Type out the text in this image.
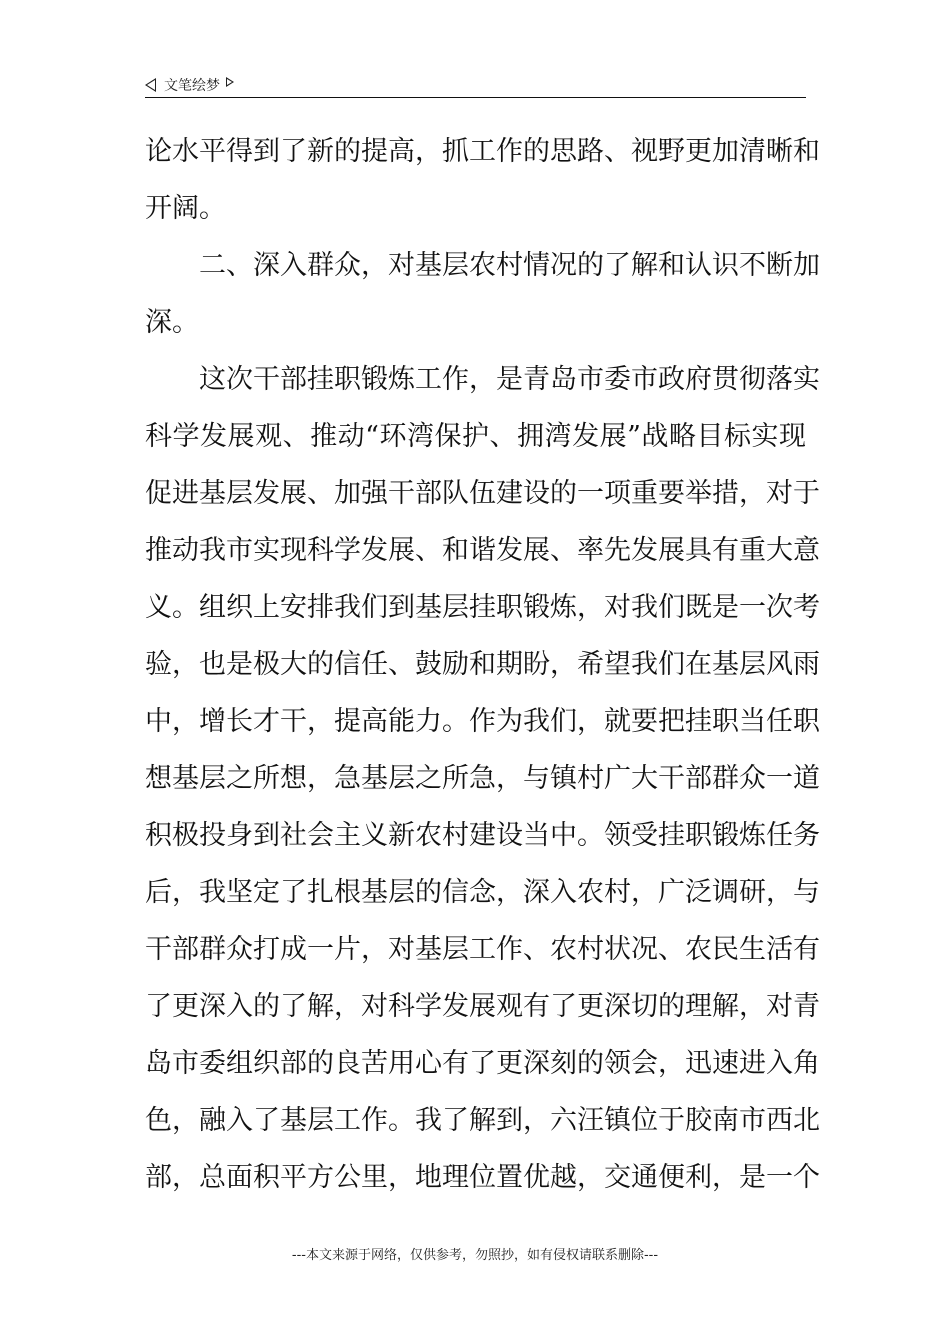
文笔绘梦
论 水 平 得 到 了 新 的 提 高 ， 抓 工 作 的 思 路 、 视 野 更 加 清 晰 和
开阔。

二 、 深 入 群 众 ， 对 基 层 农 村 情 况 的 了 解 和 认 识 不 断 加
深。

这 次 干 部 挂 职 锻 炼 工 作 ， 是 青 岛 市 委 市 政 府 贯 彻 落 实
科 学 发 展 观 、 推 动 “ 环 湾 保 护 、 拥 湾 发 展 ” 战 略 目 标 实 现
促 进 基 层 发 展 、 加 强 干 部 队 伍 建 设 的 一 项 重 要 举 措 ， 对 于
推 动 我 市 实 现 科 学 发 展 、 和 谐 发 展 、 率 先 发 展 具 有 重 大 意
义 。 组 织 上 安 排 我 们 到 基 层 挂 职 锻 炼 ， 对 我 们 既 是 一 次 考
验 ， 也 是 极 大 的 信 任 、 鼓 励 和 期 盼 ， 希 望 我 们 在 基 层 风 雨
中 ， 增 长 才 干 ， 提 高 能 力 。 作 为 我 们 ， 就 要 把 挂 职 当 任 职
想 基 层 之 所 想 ， 急 基 层 之 所 急 ， 与 镇 村 广 大 干 部 群 众 一 道
积 极 投 身 到 社 会 主 义 新 农 村 建 设 当 中 。 领 受 挂 职 锻 炼 任 务
后 ， 我 坚 定 了 扎 根 基 层 的 信 念 ， 深 入 农 村 ， 广 泛 调 研 ， 与
干 部 群 众 打 成 一 片 ， 对 基 层 工 作 、 农 村 状 况 、 农 民 生 活 有
了 更 深 入 的 了 解 ， 对 科 学 发 展 观 有 了 更 深 切 的 理 解 ， 对 青
岛 市 委 组 织 部 的 良 苦 用 心 有 了 更 深 刻 的 领 会 ， 迅 速 进 入 角
色 ， 融 入 了 基 层 工 作 。 我 了 解 到 ， 六 汪 镇 位 于 胶 南 市 西 北
部 ， 总 面 积 平 方 公 里 ， 地 理 位 置 优 越 ， 交 通 便 利 ， 是 一 个
---本文来源于网络，仅供参考，勿照抄，如有侵权请联系删除---
